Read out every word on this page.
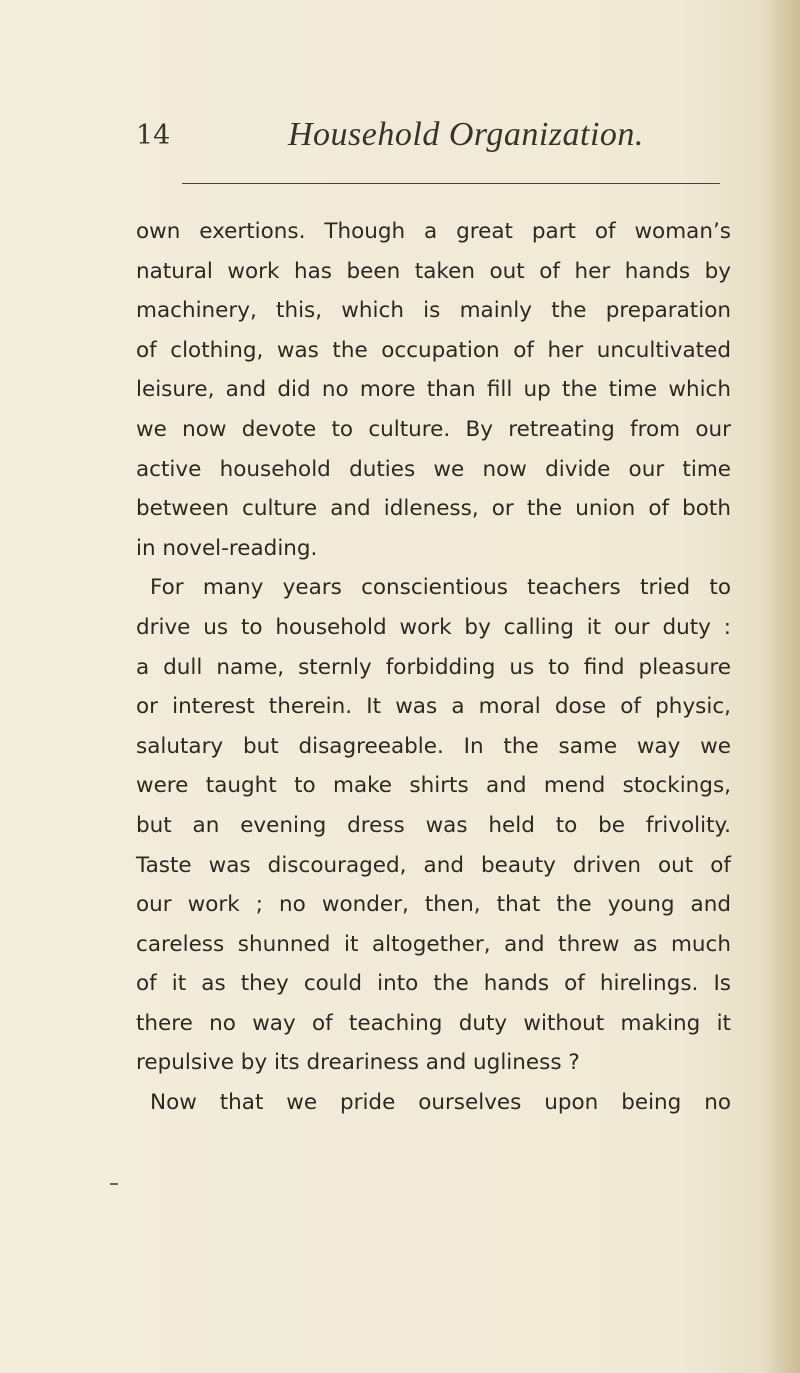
14	Household Organization.
own exertions. Though a great part of woman’s
natural work has been taken out of her hands by
machinery, this, which is mainly the preparation
of clothing, was the occupation of her uncultivated
leisure, and did no more than fill up the time which
we now devote to culture. By retreating from our
active household duties we now divide our time
between culture and idleness, or the union of both
in novel-reading.
For many years conscientious teachers tried to
drive us to household work by calling it our duty :
a dull name, sternly forbidding us to find pleasure
or interest therein. It was a moral dose of physic,
salutary but disagreeable. In the same way we
were taught to make shirts and mend stockings,
but an evening dress was held to be frivolity.
Taste was discouraged, and beauty driven out of
our work ; no wonder, then, that the young and
careless shunned it altogether, and threw as much
of it as they could into the hands of hirelings. Is
there no way of teaching duty without making it
repulsive by its dreariness and ugliness ?
Now that we pride ourselves upon being no
